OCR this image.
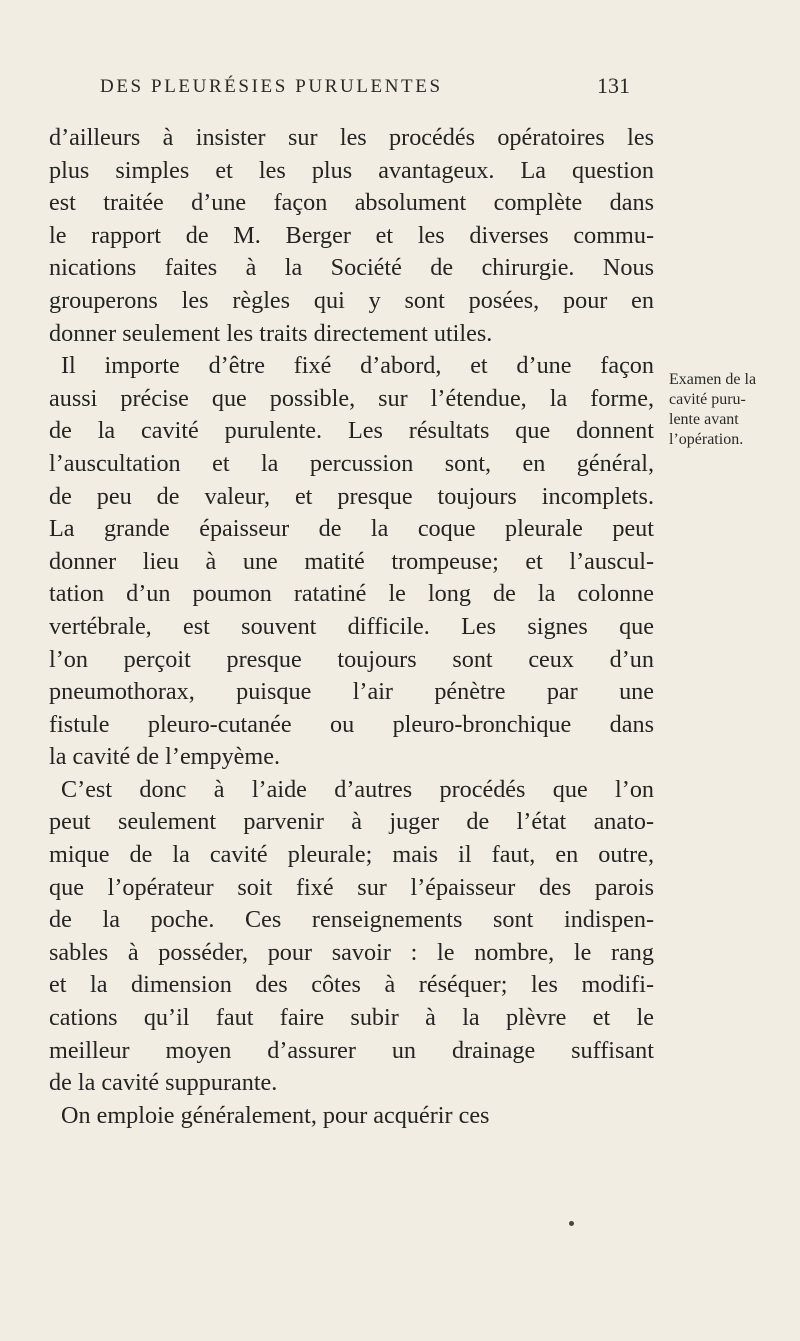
DES PLEURÉSIES PURULENTES	131
d’ailleurs à insister sur les procédés opératoires les
plus simples et les plus avantageux. La question
est traitée d’une façon absolument complète dans
le rapport de M. Berger et les diverses commu-
nications faites à la Société de chirurgie. Nous
grouperons les règles qui y sont posées, pour en
donner seulement les traits directement utiles.
Il importe d’être fixé d’abord, et d’une façon
aussi précise que possible, sur l’étendue, la forme,
de la cavité purulente. Les résultats que donnent
l’auscultation et la percussion sont, en général,
de peu de valeur, et presque toujours incomplets.
La grande épaisseur de la coque pleurale peut
donner lieu à une matité trompeuse; et l’auscul-
tation d’un poumon ratatiné le long de la colonne
vertébrale, est souvent difficile. Les signes que
l’on perçoit presque toujours sont ceux d’un
pneumothorax, puisque l’air pénètre par une
fistule pleuro-cutanée ou pleuro-bronchique dans
la cavité de l’empyème.
C’est donc à l’aide d’autres procédés que l’on
peut seulement parvenir à juger de l’état anato-
mique de la cavité pleurale; mais il faut, en outre,
que l’opérateur soit fixé sur l’épaisseur des parois
de la poche. Ces renseignements sont indispen-
sables à posséder, pour savoir : le nombre, le rang
et la dimension des côtes à réséquer; les modifi-
cations qu’il faut faire subir à la plèvre et le
meilleur moyen d’assurer un drainage suffisant
de la cavité suppurante.
On emploie généralement, pour acquérir ces
Examen de la
cavité puru-
lente avant
l’opération.
